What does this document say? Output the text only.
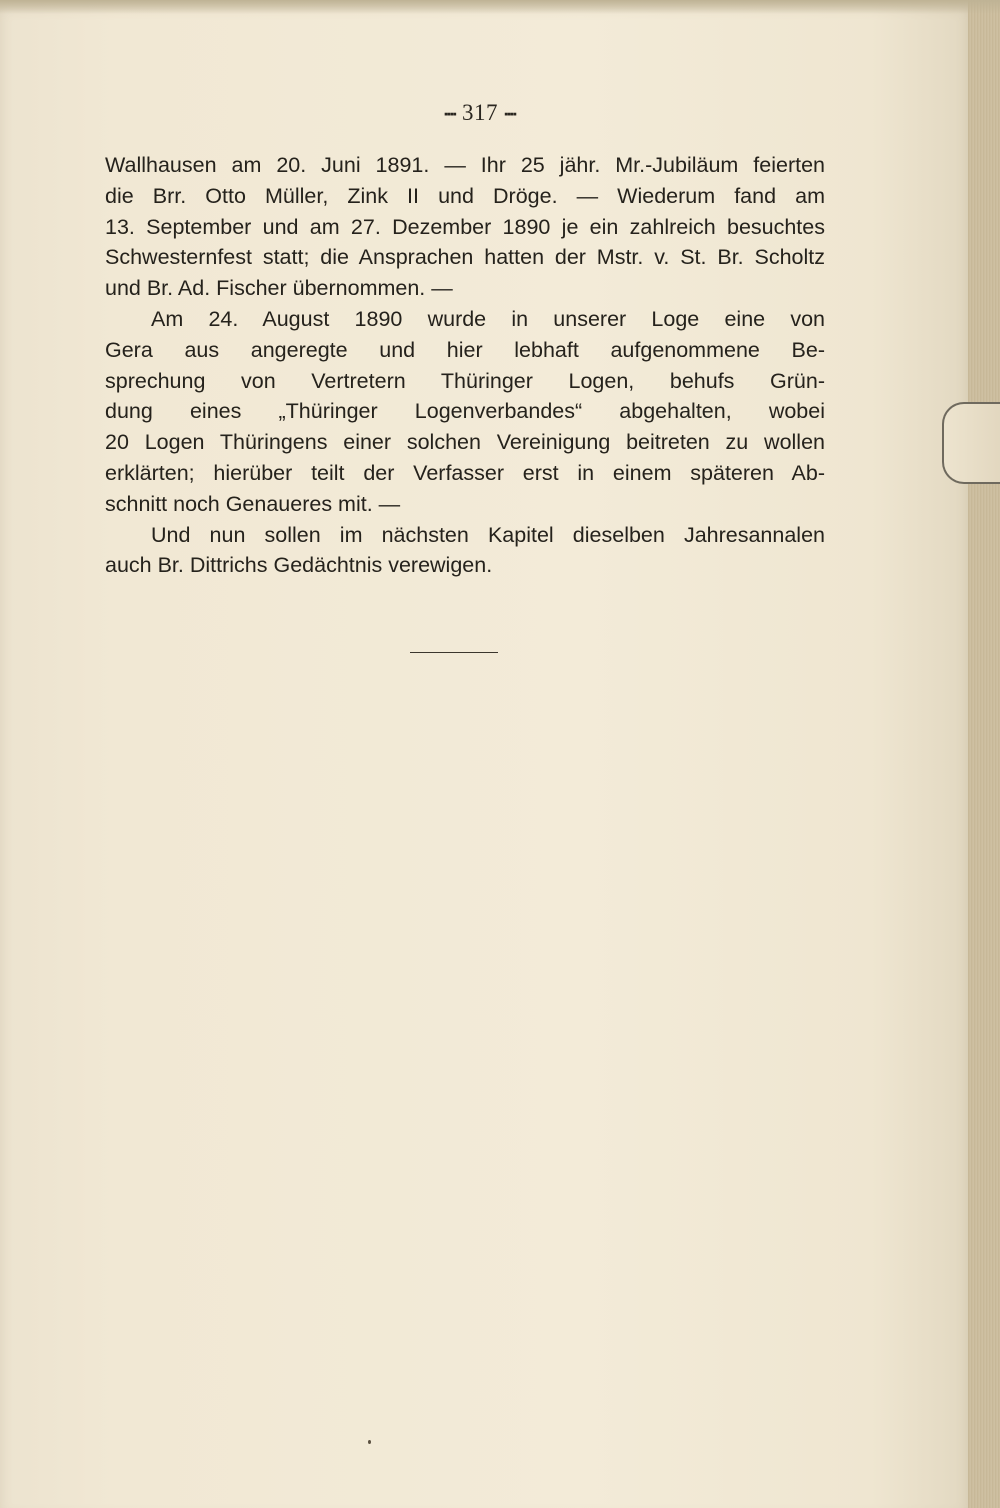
▪▪▪▪ 317 ▪▪▪▪
Wallhausen am 20. Juni 1891. — Ihr 25 jähr. Mr.-Jubiläum feierten
die Brr. Otto Müller, Zink II und Dröge. — Wiederum fand am
13. September und am 27. Dezember 1890 je ein zahlreich besuchtes
Schwesternfest statt; die Ansprachen hatten der Mstr. v. St. Br. Scholtz
und Br. Ad. Fischer übernommen. —
Am 24. August 1890 wurde in unserer Loge eine von
Gera aus angeregte und hier lebhaft aufgenommene Be-
sprechung von Vertretern Thüringer Logen, behufs Grün-
dung eines „Thüringer Logenverbandes“ abgehalten, wobei
20 Logen Thüringens einer solchen Vereinigung beitreten zu wollen
erklärten; hierüber teilt der Verfasser erst in einem späteren Ab-
schnitt noch Genaueres mit. —
Und nun sollen im nächsten Kapitel dieselben Jahresannalen
auch Br. Dittrichs Gedächtnis verewigen.
